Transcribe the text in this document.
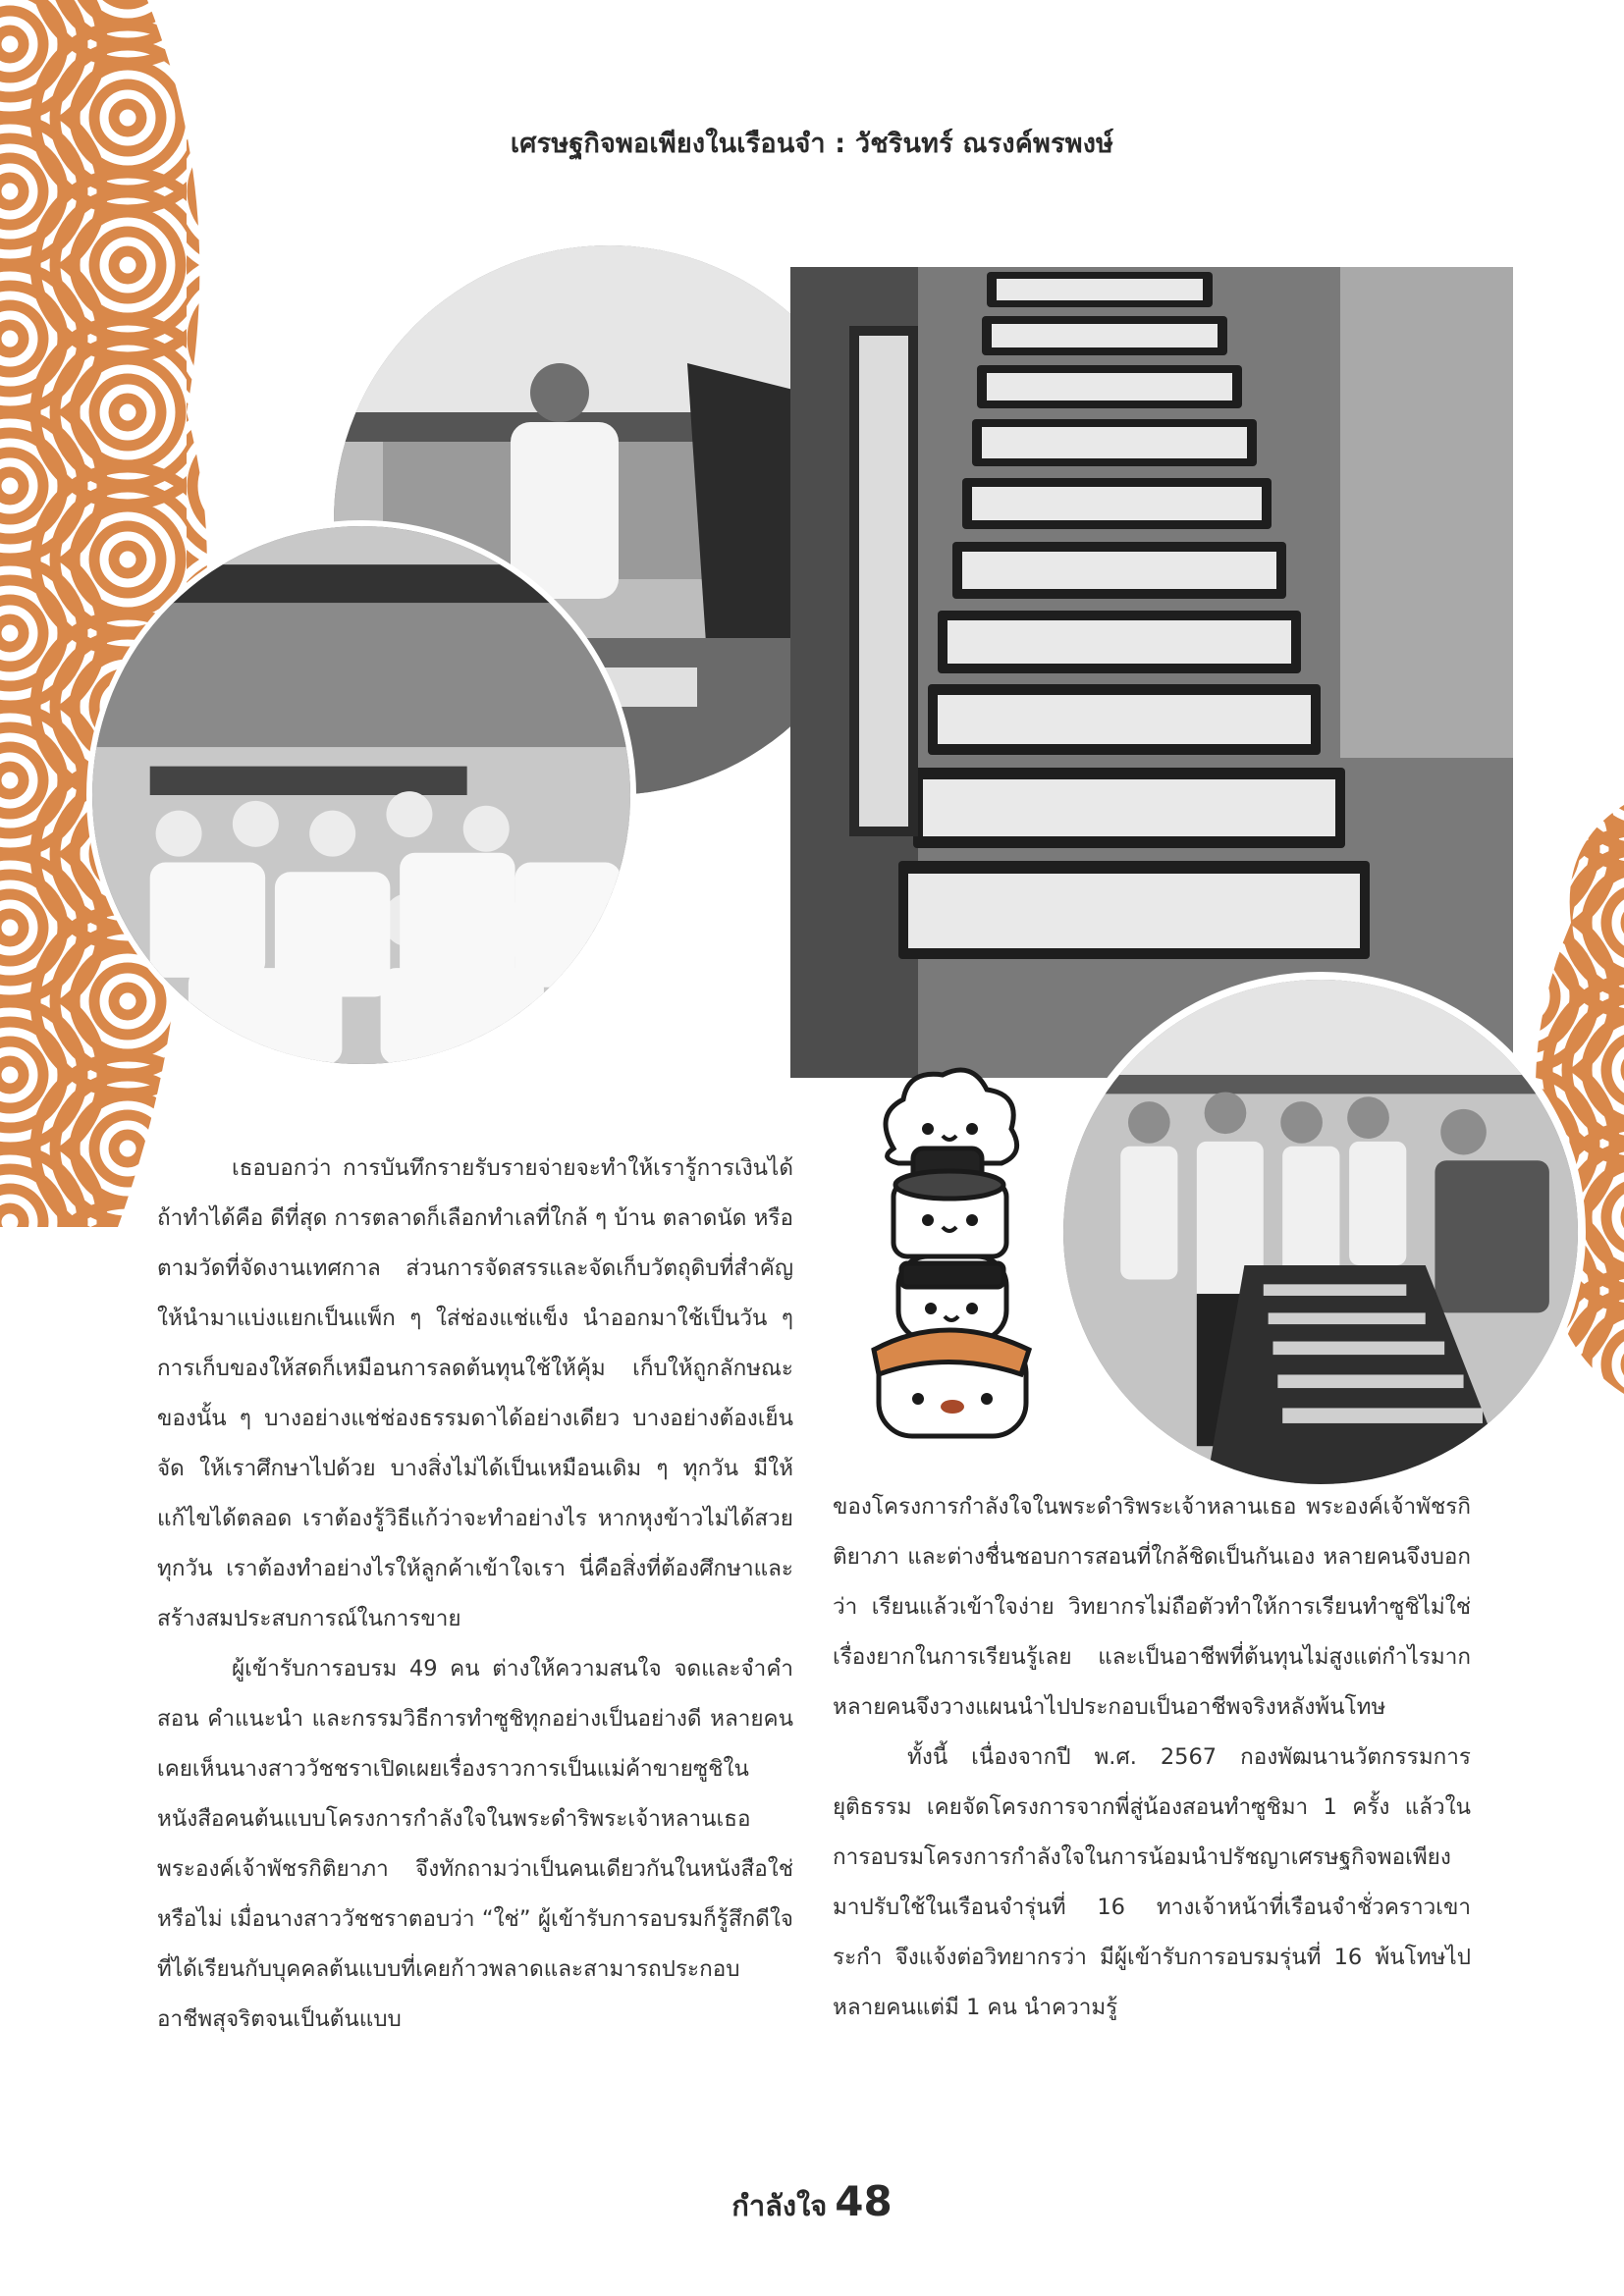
เศรษฐกิจพอเพียงในเรือนจำ : วัชรินทร์ ณรงค์พรพงษ์

เธอบอกว่า การบันทึกรายรับรายจ่ายจะทำให้เรารู้การเงินได้ ถ้าทำได้คือ ดีที่สุด การตลาดก็เลือกทำเลที่ใกล้ ๆ บ้าน ตลาดนัด หรือตามวัดที่จัดงานเทศกาล ส่วนการจัดสรรและจัดเก็บวัตถุดิบที่สำคัญให้นำมาแบ่งแยกเป็นแพ็ก ๆ ใส่ช่องแช่แข็ง นำออกมาใช้เป็นวัน ๆ การเก็บของให้สดก็เหมือนการลดต้นทุนใช้ให้คุ้ม เก็บให้ถูกลักษณะของนั้น ๆ บางอย่างแช่ช่องธรรมดาได้อย่างเดียว บางอย่างต้องเย็นจัด ให้เราศึกษาไปด้วย บางสิ่งไม่ได้เป็นเหมือนเดิม ๆ ทุกวัน มีให้แก้ไขได้ตลอด เราต้องรู้วิธีแก้ว่าจะทำอย่างไร หากหุงข้าวไม่ได้สวยทุกวัน เราต้องทำอย่างไรให้ลูกค้าเข้าใจเรา นี่คือสิ่งที่ต้องศึกษาและสร้างสมประสบการณ์ในการขาย

ผู้เข้ารับการอบรม 49 คน ต่างให้ความสนใจ จดและจำคำสอน คำแนะนำ และกรรมวิธีการทำซูชิทุกอย่างเป็นอย่างดี หลายคนเคยเห็นนางสาววัชชราเปิดเผยเรื่องราวการเป็นแม่ค้าขายซูชิในหนังสือคนต้นแบบโครงการกำลังใจในพระดำริพระเจ้าหลานเธอ พระองค์เจ้าพัชรกิติยาภา จึงทักถามว่าเป็นคนเดียวกันในหนังสือใช่หรือไม่ เมื่อนางสาววัชชราตอบว่า “ใช่” ผู้เข้ารับการอบรมก็รู้สึกดีใจที่ได้เรียนกับบุคคลต้นแบบที่เคยก้าวพลาดและสามารถประกอบอาชีพสุจริตจนเป็นต้นแบบ

ของโครงการกำลังใจในพระดำริพระเจ้าหลานเธอ พระองค์เจ้าพัชรกิติยาภา และต่างชื่นชอบการสอนที่ใกล้ชิดเป็นกันเอง หลายคนจึงบอกว่า เรียนแล้วเข้าใจง่าย วิทยากรไม่ถือตัวทำให้การเรียนทำซูชิไม่ใช่เรื่องยากในการเรียนรู้เลย และเป็นอาชีพที่ต้นทุนไม่สูงแต่กำไรมาก หลายคนจึงวางแผนนำไปประกอบเป็นอาชีพจริงหลังพ้นโทษ

ทั้งนี้ เนื่องจากปี พ.ศ. 2567 กองพัฒนานวัตกรรมการยุติธรรม เคยจัดโครงการจากพี่สู่น้องสอนทำซูชิมา 1 ครั้ง แล้วในการอบรมโครงการกำลังใจในการน้อมนำปรัชญาเศรษฐกิจพอเพียงมาปรับใช้ในเรือนจำรุ่นที่ 16 ทางเจ้าหน้าที่เรือนจำชั่วคราวเขาระกำ จึงแจ้งต่อวิทยากรว่า มีผู้เข้ารับการอบรมรุ่นที่ 16 พ้นโทษไปหลายคนแต่มี 1 คน นำความรู้

กำลังใจ 48
